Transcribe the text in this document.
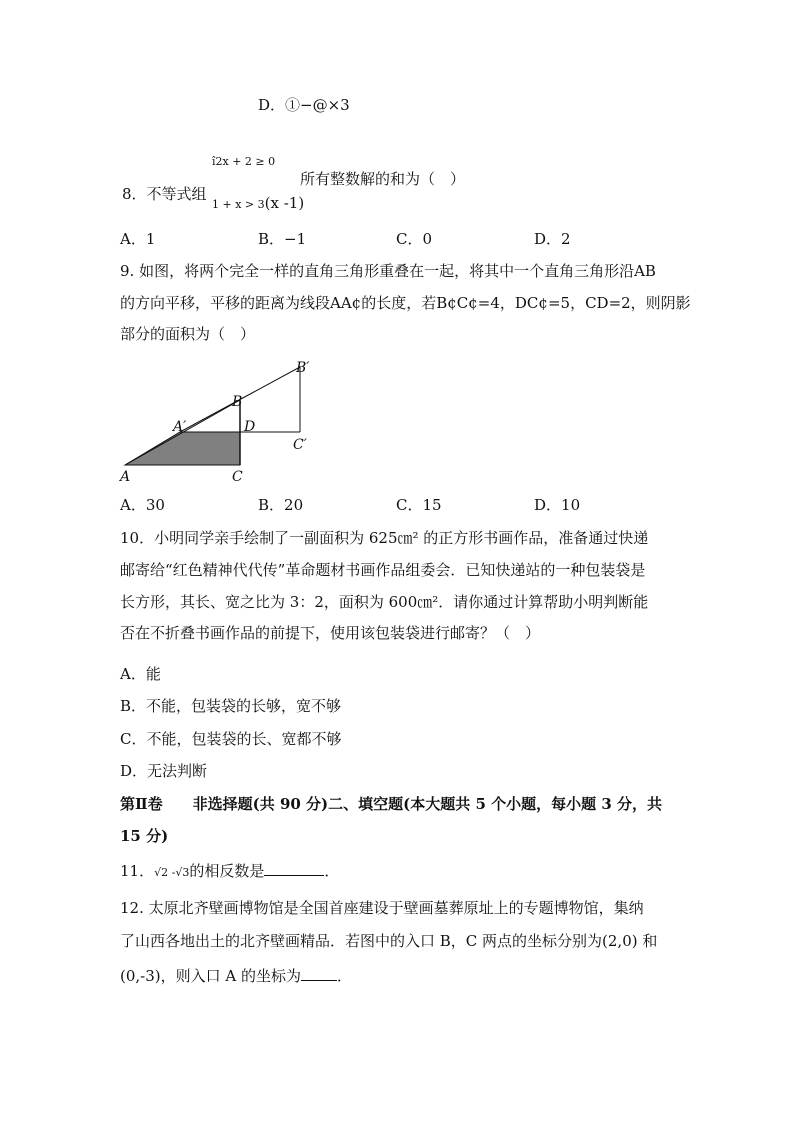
D．①−@×3
î2x + 2 ≥ 0
8．不等式组
1 + x > 3(x -1)
所有整数解的和为（　）
A．1	B．−1	C．0	D．2
9. 如图，将两个完全一样的直角三角形重叠在一起，将其中一个直角三角形沿AB
的方向平移，平移的距离为线段AA¢的长度，若B¢C¢=4，DC¢=5，CD=2，则阴影
部分的面积为（　）
A	C
B
D
A′
B′
C′
A．30	B．20	C．15	D．10
10．小明同学亲手绘制了一副面积为 625㎝² 的正方形书画作品，准备通过快递
邮寄给“红色精神代代传”革命题材书画作品组委会．已知快递站的一种包装袋是
长方形，其长、宽之比为 3：2，面积为 600㎝²．请你通过计算帮助小明判断能
否在不折叠书画作品的前提下，使用该包装袋进行邮寄？（　）
A．能
B．不能，包装袋的长够，宽不够
C．不能，包装袋的长、宽都不够
D．无法判断
第Ⅱ卷　　非选择题(共 90 分)二、填空题(本大题共 5 个小题，每小题 3 分，共
15 分)
11．√2 -√3的相反数是	．
12. 太原北齐壁画博物馆是全国首座建设于壁画墓葬原址上的专题博物馆，集纳
了山西各地出土的北齐壁画精品．若图中的入口 B，C 两点的坐标分别为(2,0) 和
(0,-3)，则入口 A 的坐标为 ．
